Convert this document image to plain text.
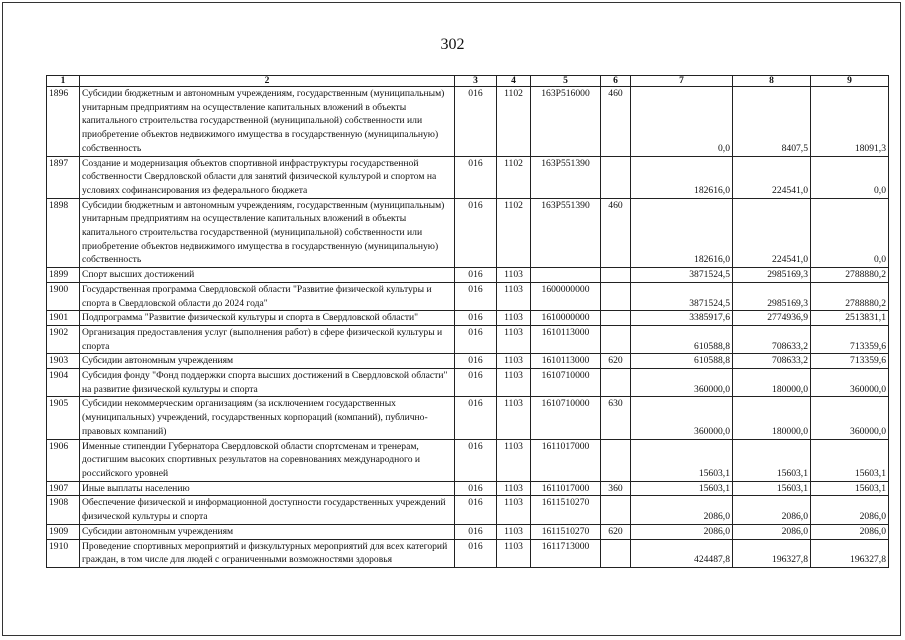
302
1	2	3	4	5	6	7	8	9
1896	Субсидии бюджетным и автономным учреждениям, государственным (муниципальным) унитарным предприятиям на осуществление капитальных вложений в объекты капитального строительства государственной (муниципальной) собственности или приобретение объектов недвижимого имущества в государственную (муниципальную) собственность	016	1102	163P516000	460	0,0	8407,5	18091,3
1897	Создание и модернизация объектов спортивной инфраструктуры государственной собственности Свердловской области для занятий физической культурой и спортом на условиях софинансирования из федерального бюджета	016	1102	163P551390		182616,0	224541,0	0,0
1898	Субсидии бюджетным и автономным учреждениям, государственным (муниципальным) унитарным предприятиям на осуществление капитальных вложений в объекты капитального строительства государственной (муниципальной) собственности или приобретение объектов недвижимого имущества в государственную (муниципальную) собственность	016	1102	163P551390	460	182616,0	224541,0	0,0
1899	Спорт высших достижений	016	1103			3871524,5	2985169,3	2788880,2
1900	Государственная программа Свердловской области "Развитие физической культуры и спорта в Свердловской области до 2024 года"	016	1103	1600000000		3871524,5	2985169,3	2788880,2
1901	Подпрограмма "Развитие физической культуры и спорта в Свердловской области"	016	1103	1610000000		3385917,6	2774936,9	2513831,1
1902	Организация предоставления услуг (выполнения работ) в сфере физической культуры и спорта	016	1103	1610113000		610588,8	708633,2	713359,6
1903	Субсидии автономным учреждениям	016	1103	1610113000	620	610588,8	708633,2	713359,6
1904	Субсидия фонду "Фонд поддержки спорта высших достижений в Свердловской области" на развитие физической культуры и спорта	016	1103	1610710000		360000,0	180000,0	360000,0
1905	Субсидии некоммерческим организациям (за исключением государственных (муниципальных) учреждений, государственных корпораций (компаний), публично-правовых компаний)	016	1103	1610710000	630	360000,0	180000,0	360000,0
1906	Именные стипендии Губернатора Свердловской области спортсменам и тренерам, достигшим высоких спортивных результатов на соревнованиях международного и российского уровней	016	1103	1611017000		15603,1	15603,1	15603,1
1907	Иные выплаты населению	016	1103	1611017000	360	15603,1	15603,1	15603,1
1908	Обеспечение физической и информационной доступности государственных учреждений физической культуры и спорта	016	1103	1611510270		2086,0	2086,0	2086,0
1909	Субсидии автономным учреждениям	016	1103	1611510270	620	2086,0	2086,0	2086,0
1910	Проведение спортивных мероприятий и физкультурных мероприятий для всех категорий граждан, в том числе для людей с ограниченными возможностями здоровья	016	1103	1611713000		424487,8	196327,8	196327,8
